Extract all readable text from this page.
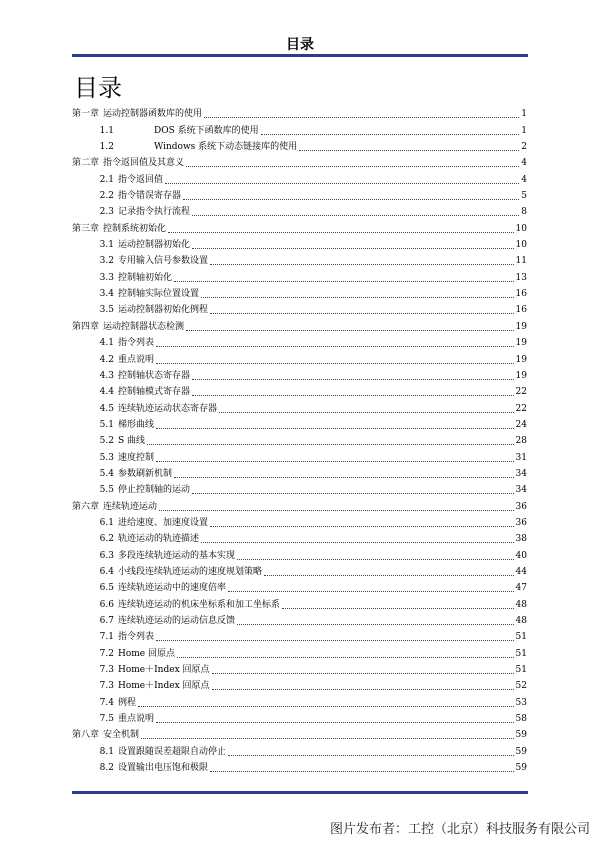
目录
目录
第一章 运动控制器函数库的使用	1
1.1	DOS 系统下函数库的使用	1
1.2	Windows 系统下动态链接库的使用	2
第二章 指令返回值及其意义	4
2.1 指令返回值	4
2.2 指令错误寄存器	5
2.3 记录指令执行流程	8
第三章 控制系统初始化	10
3.1 运动控制器初始化	10
3.2 专用输入信号参数设置	11
3.3 控制轴初始化	13
3.4 控制轴实际位置设置	16
3.5 运动控制器初始化例程	16
第四章 运动控制器状态检测	19
4.1 指令列表	19
4.2 重点说明	19
4.3 控制轴状态寄存器	19
4.4 控制轴模式寄存器	22
4.5 连续轨迹运动状态寄存器	22
5.1 梯形曲线	24
5.2 S 曲线	28
5.3 速度控制	31
5.4 参数刷新机制	34
5.5 停止控制轴的运动	34
第六章 连续轨迹运动	36
6.1 进给速度、加速度设置	36
6.2 轨迹运动的轨迹描述	38
6.3 多段连续轨迹运动的基本实现	40
6.4 小线段连续轨迹运动的速度规划策略	44
6.5 连续轨迹运动中的速度倍率	47
6.6 连续轨迹运动的机床坐标系和加工坐标系	48
6.7 连续轨迹运动的运动信息反馈	48
7.1 指令列表	51
7.2 Home 回原点	51
7.3 Home＋Index 回原点	51
7.3 Home＋Index 回原点	52
7.4 例程	53
7.5 重点说明	58
第八章 安全机制	59
8.1 设置跟随误差超限自动停止	59
8.2 设置输出电压饱和极限	59
图片发布者：工控（北京）科技服务有限公司
